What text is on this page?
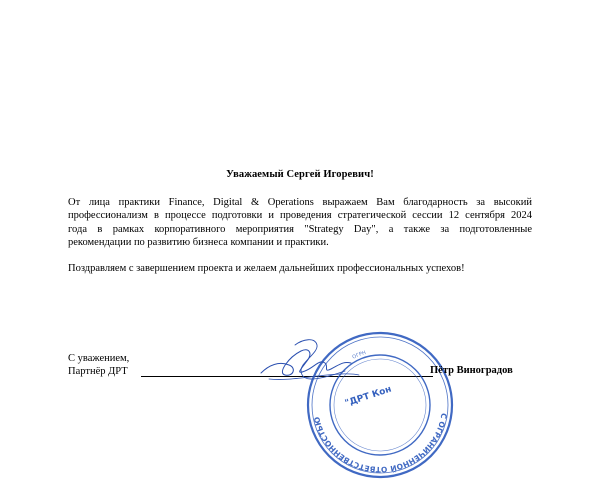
Уважаемый Сергей Игоревич!
От лица практики Finance, Digital & Operations выражаем Вам благодарность за высокий
профессионализм в процессе подготовки и проведения стратегической сессии 12 сентября 2024
года в рамках корпоративного мероприятия "Strategy Day", а также за подготовленные
рекомендации по развитию бизнеса компании и практики.
Поздравляем с завершением проекта и желаем дальнейших профессиональных успехов!
С уважением,
Партнёр ДРТ
С ОГРАНИЧЕННОЙ ОТВЕТСТВЕННОСТЬЮ
ОГРН
"ДРТ Кон
Пётр Виноградов
